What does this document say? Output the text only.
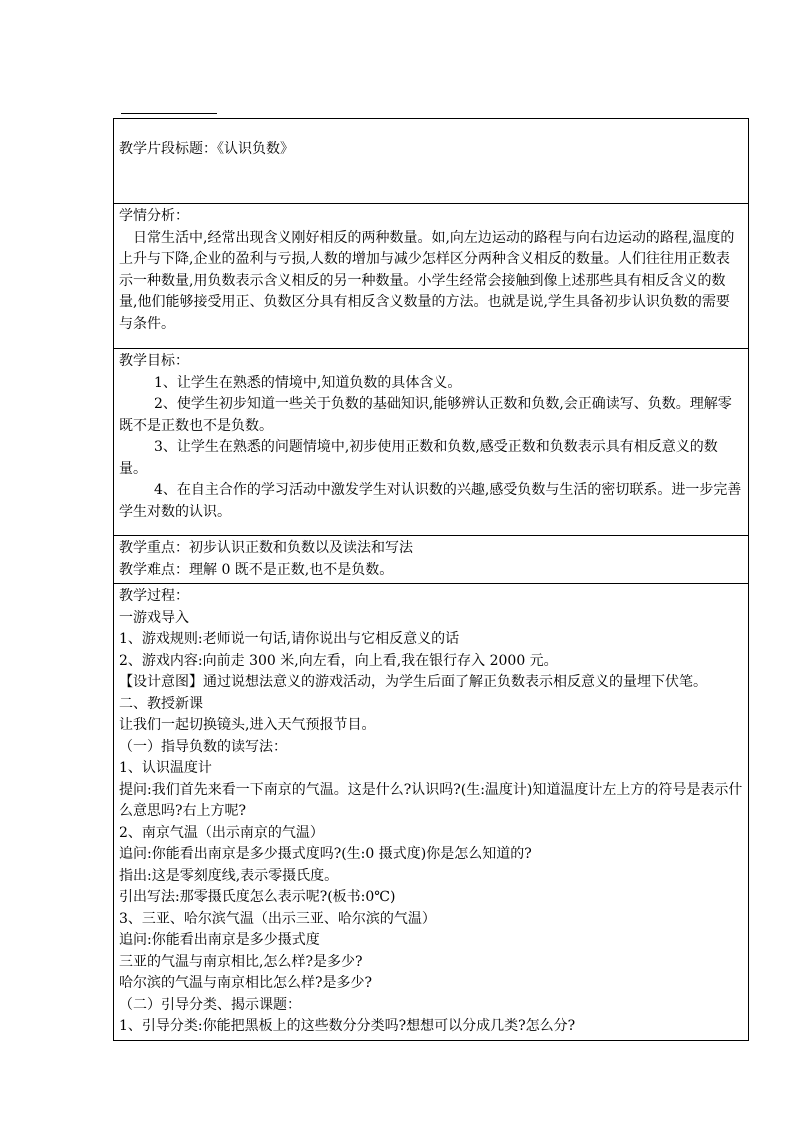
教学片段标题：《认识负数》

学情分析：

日常生活中,经常出现含义刚好相反的两种数量。如,向左边运动的路程与向右边运动的路程,温度的上升与下降,企业的盈利与亏损,人数的增加与减少怎样区分两种含义相反的数量。人们往往用正数表示一种数量,用负数表示含义相反的另一种数量。小学生经常会接触到像上述那些具有相反含义的数量,他们能够接受用正、负数区分具有相反含义数量的方法。也就是说,学生具备初步认识负数的需要与条件。

教学目标：

1、让学生在熟悉的情境中,知道负数的具体含义。

2、使学生初步知道一些关于负数的基础知识,能够辨认正数和负数,会正确读写、负数。理解零既不是正数也不是负数。

3、让学生在熟悉的问题情境中,初步使用正数和负数,感受正数和负数表示具有相反意义的数量。

4、在自主合作的学习活动中激发学生对认识数的兴趣,感受负数与生活的密切联系。进一步完善学生对数的认识。

教学重点：初步认识正数和负数以及读法和写法

教学难点：理解 0 既不是正数,也不是负数。

教学过程：

一游戏导入

1、游戏规则:老师说一句话,请你说出与它相反意义的话

2、游戏内容:向前走 300 米,向左看，向上看,我在银行存入 2000 元。

【设计意图】通过说想法意义的游戏活动，为学生后面了解正负数表示相反意义的量埋下伏笔。

二、教授新课

让我们一起切换镜头,进入天气预报节目。

（一）指导负数的读写法：

1、认识温度计

提问:我们首先来看一下南京的气温。这是什么?认识吗?(生:温度计)知道温度计左上方的符号是表示什么意思吗?右上方呢?

2、南京气温（出示南京的气温）

追问:你能看出南京是多少摄式度吗?(生:0 摄式度)你是怎么知道的?

指出:这是零刻度线,表示零摄氏度。

引出写法:那零摄氏度怎么表示呢?(板书:0℃)

3、三亚、哈尔滨气温（出示三亚、哈尔滨的气温）

追问:你能看出南京是多少摄式度

三亚的气温与南京相比,怎么样?是多少?

哈尔滨的气温与南京相比怎么样?是多少?

（二）引导分类、揭示课题：

1、引导分类:你能把黑板上的这些数分分类吗?想想可以分成几类?怎么分?
